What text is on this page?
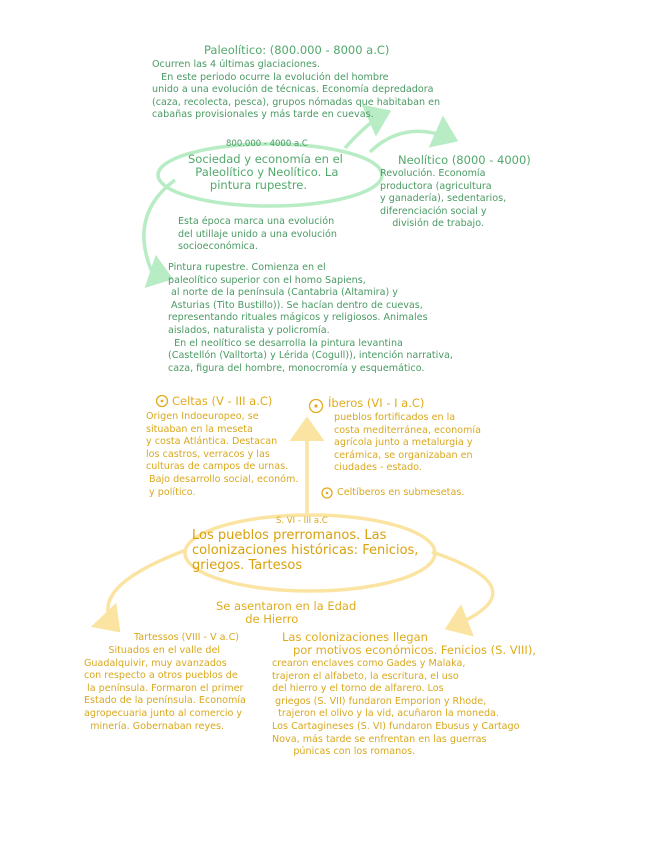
Paleolítico: (800.000 - 8000 a.C)
Ocurren las 4 últimas glaciaciones.
En este periodo ocurre la evolución del hombre
unido a una evolución de técnicas. Economía depredadora
(caza, recolecta, pesca), grupos nómadas que habitaban en
cabañas provisionales y más tarde en cuevas.
800.000 - 4000 a.C
Sociedad y economía en el
Paleolítico y Neolítico. La
pintura rupestre.
Neolítico (8000 - 4000)
Revolución. Economía
productora (agricultura
y ganadería), sedentarios,
diferenciación social y
división de trabajo.
Esta época marca una evolución
del utillaje unido a una evolución
socioeconómica.
Pintura rupestre. Comienza en el
paleolítico superior con el homo Sapiens,
al norte de la península (Cantabria (Altamira) y
Asturias (Tito Bustillo)). Se hacían dentro de cuevas,
representando rituales mágicos y religiosos. Animales
aislados, naturalista y policromía.
En el neolítico se desarrolla la pintura levantina
(Castellón (Valltorta) y Lérida (Cogull)), intención narrativa,
caza, figura del hombre, monocromía y esquemático.
Celtas (V - III a.C)
Origen Indoeuropeo, se
situaban en la meseta
y costa Atlántica. Destacan
los castros, verracos y las
culturas de campos de urnas.
Bajo desarrollo social, económ.
y político.
Íberos (VI - I a.C)
pueblos fortificados en la
costa mediterránea, economía
agrícola junto a metalurgia y
cerámica, se organizaban en
ciudades - estado.
Celtíberos en submesetas.
S. VI - III a.C
Los pueblos prerromanos. Las
colonizaciones históricas: Fenicios,
griegos. Tartesos
Se asentaron en la Edad
de Hierro
Tartessos (VIII - V a.C)
Situados en el valle del
Guadalquivir, muy avanzados
con respecto a otros pueblos de
la península. Formaron el primer
Estado de la península. Economía
agropecuaria junto al comercio y
minería. Gobernaban reyes.
Las colonizaciones llegan
por motivos económicos. Fenicios (S. VIII),
crearon enclaves como Gades y Malaka,
trajeron el alfabeto, la escritura, el uso
del hierro y el torno de alfarero. Los
griegos (S. VII) fundaron Emporion y Rhode,
trajeron el olivo y la vid, acuñaron la moneda.
Los Cartagineses (S. VI) fundaron Ebusus y Cartago
Nova, más tarde se enfrentan en las guerras
púnicas con los romanos.
